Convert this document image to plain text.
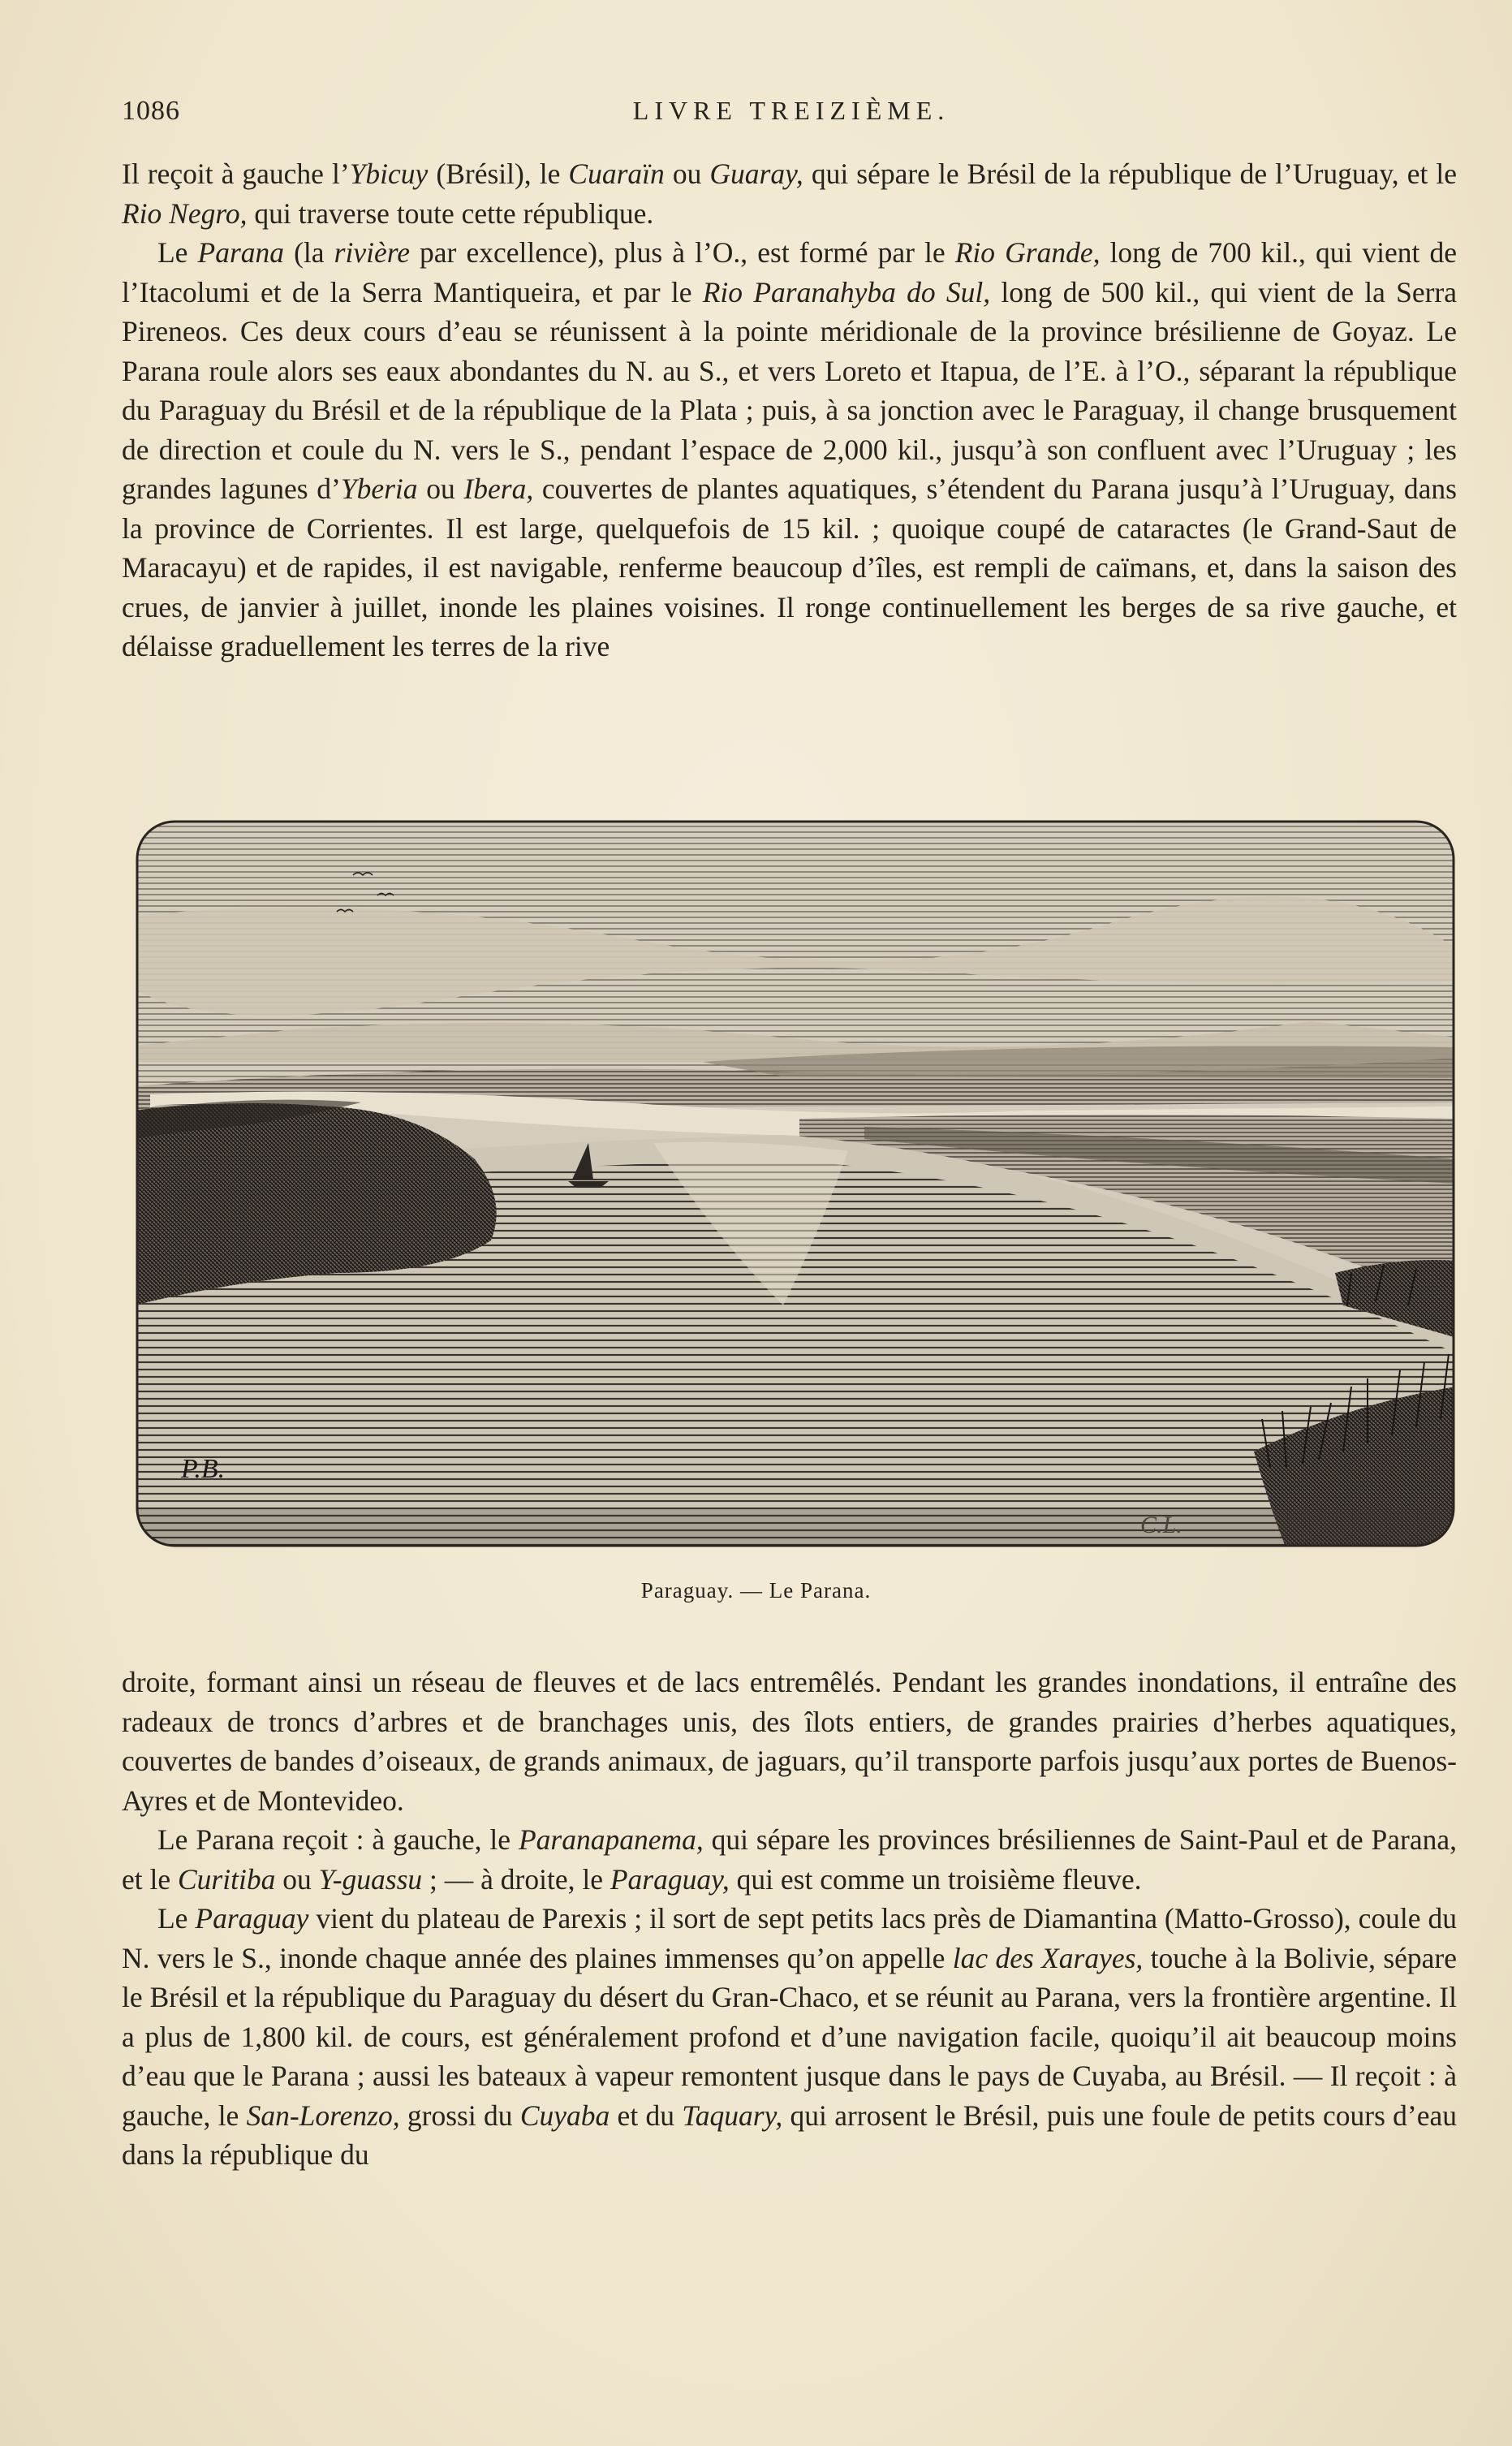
1086	LIVRE TREIZIÈME.

Il reçoit à gauche l’Ybicuy (Brésil), le Cuaraïn ou Guaray, qui sépare le Brésil de la république de l’Uruguay, et le Rio Negro, qui traverse toute cette république.

Le Parana (la rivière par excellence), plus à l’O., est formé par le Rio Grande, long de 700 kil., qui vient de l’Itacolumi et de la Serra Mantiqueira, et par le Rio Paranahyba do Sul, long de 500 kil., qui vient de la Serra Pireneos. Ces deux cours d’eau se réunissent à la pointe méridionale de la province brésilienne de Goyaz. Le Parana roule alors ses eaux abondantes du N. au S., et vers Loreto et Itapua, de l’E. à l’O., séparant la république du Paraguay du Brésil et de la république de la Plata ; puis, à sa jonction avec le Paraguay, il change brusquement de direction et coule du N. vers le S., pendant l’espace de 2,000 kil., jusqu’à son confluent avec l’Uruguay ; les grandes lagunes d’Yberia ou Ibera, couvertes de plantes aquatiques, s’étendent du Parana jusqu’à l’Uruguay, dans la province de Corrientes. Il est large, quelquefois de 15 kil. ; quoique coupé de cataractes (le Grand-Saut de Maracayu) et de rapides, il est navigable, renferme beaucoup d’îles, est rempli de caïmans, et, dans la saison des crues, de janvier à juillet, inonde les plaines voisines. Il ronge continuellement les berges de sa rive gauche, et délaisse graduellement les terres de la rive

P.B.
C.L.
Paraguay. — Le Parana.

droite, formant ainsi un réseau de fleuves et de lacs entremêlés. Pendant les grandes inondations, il entraîne des radeaux de troncs d’arbres et de branchages unis, des îlots entiers, de grandes prairies d’herbes aquatiques, couvertes de bandes d’oiseaux, de grands animaux, de jaguars, qu’il transporte parfois jusqu’aux portes de Buenos-Ayres et de Montevideo.

Le Parana reçoit : à gauche, le Paranapanema, qui sépare les provinces brésiliennes de Saint-Paul et de Parana, et le Curitiba ou Y-guassu ; — à droite, le Paraguay, qui est comme un troisième fleuve.

Le Paraguay vient du plateau de Parexis ; il sort de sept petits lacs près de Diamantina (Matto-Grosso), coule du N. vers le S., inonde chaque année des plaines immenses qu’on appelle lac des Xarayes, touche à la Bolivie, sépare le Brésil et la république du Paraguay du désert du Gran-Chaco, et se réunit au Parana, vers la frontière argentine. Il a plus de 1,800 kil. de cours, est généralement profond et d’une navigation facile, quoiqu’il ait beaucoup moins d’eau que le Parana ; aussi les bateaux à vapeur remontent jusque dans le pays de Cuyaba, au Brésil. — Il reçoit : à gauche, le San-Lorenzo, grossi du Cuyaba et du Taquary, qui arrosent le Brésil, puis une foule de petits cours d’eau dans la république du
